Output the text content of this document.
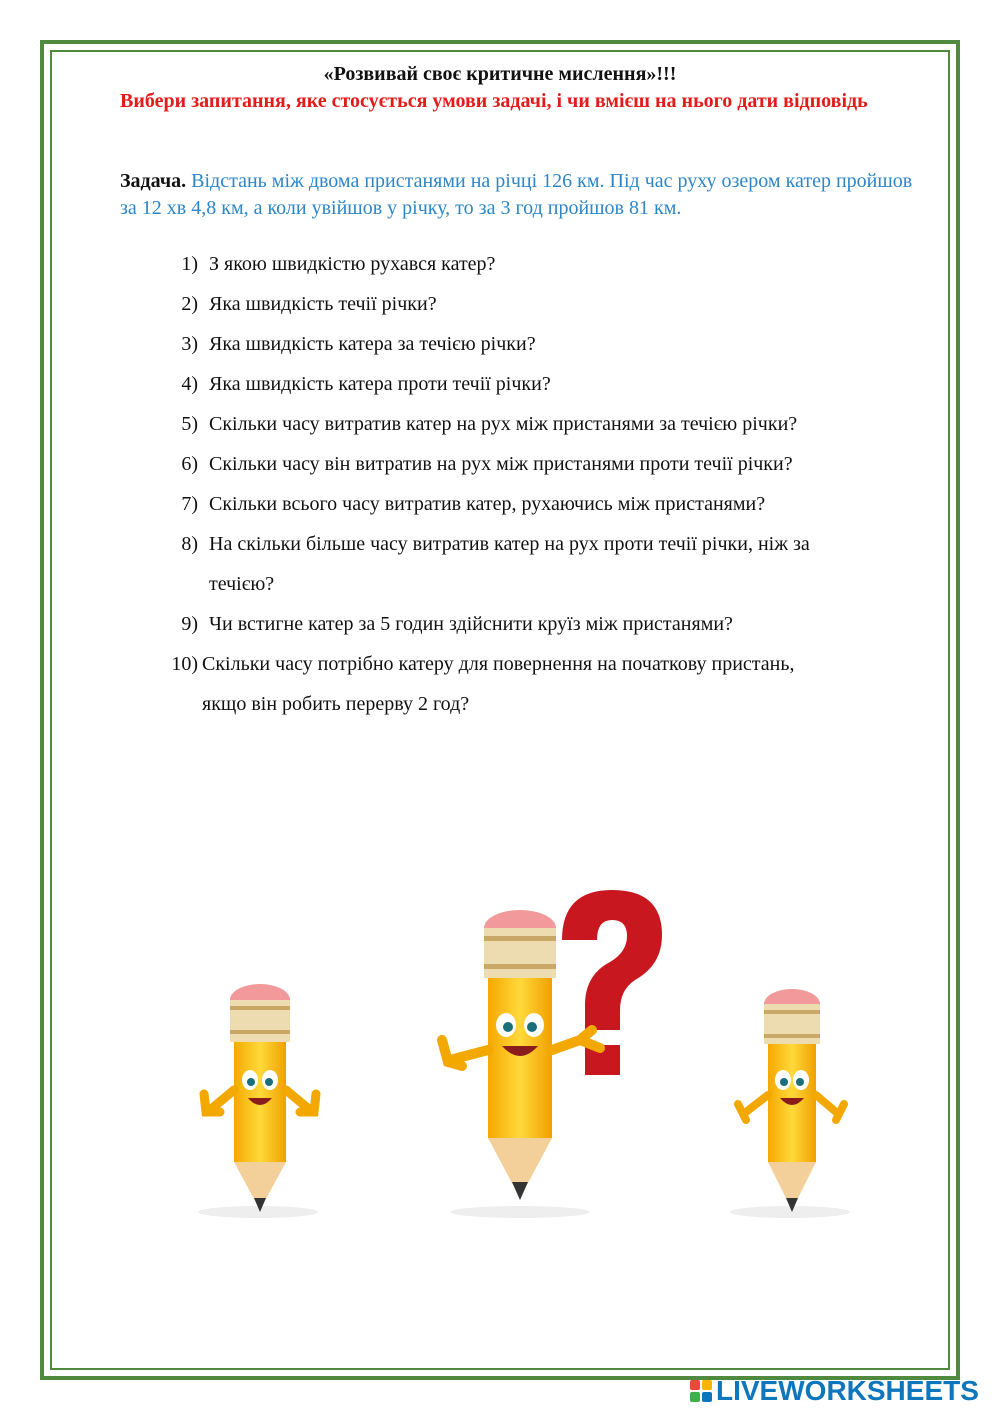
«Розвивай своє критичне мислення»!!!
Вибери запитання, яке стосується умови задачі, і чи вмієш на нього дати відповідь
Задача. Відстань між двома пристанями на річці 126 км. Під час руху озером катер пройшов за 12 хв 4,8 км, а коли увійшов у річку, то за 3 год пройшов 81 км.
1) З якою швидкістю рухався катер?
2) Яка швидкість течії річки?
3) Яка швидкість катера за течією річки?
4) Яка швидкість катера проти течії річки?
5) Скільки часу витратив катер на рух між пристанями за течією річки?
6) Скільки часу він витратив на рух між пристанями проти течії річки?
7) Скільки всього часу витратив катер, рухаючись між пристанями?
8) На скільки більше часу витратив катер на рух проти течії річки, ніж за
течією?
9) Чи встигне катер за 5 годин здійснити круїз між пристанями?
10) Скільки часу потрібно катеру для повернення на початкову пристань,
якщо він робить перерву 2 год?
LIVEWORKSHEETS
